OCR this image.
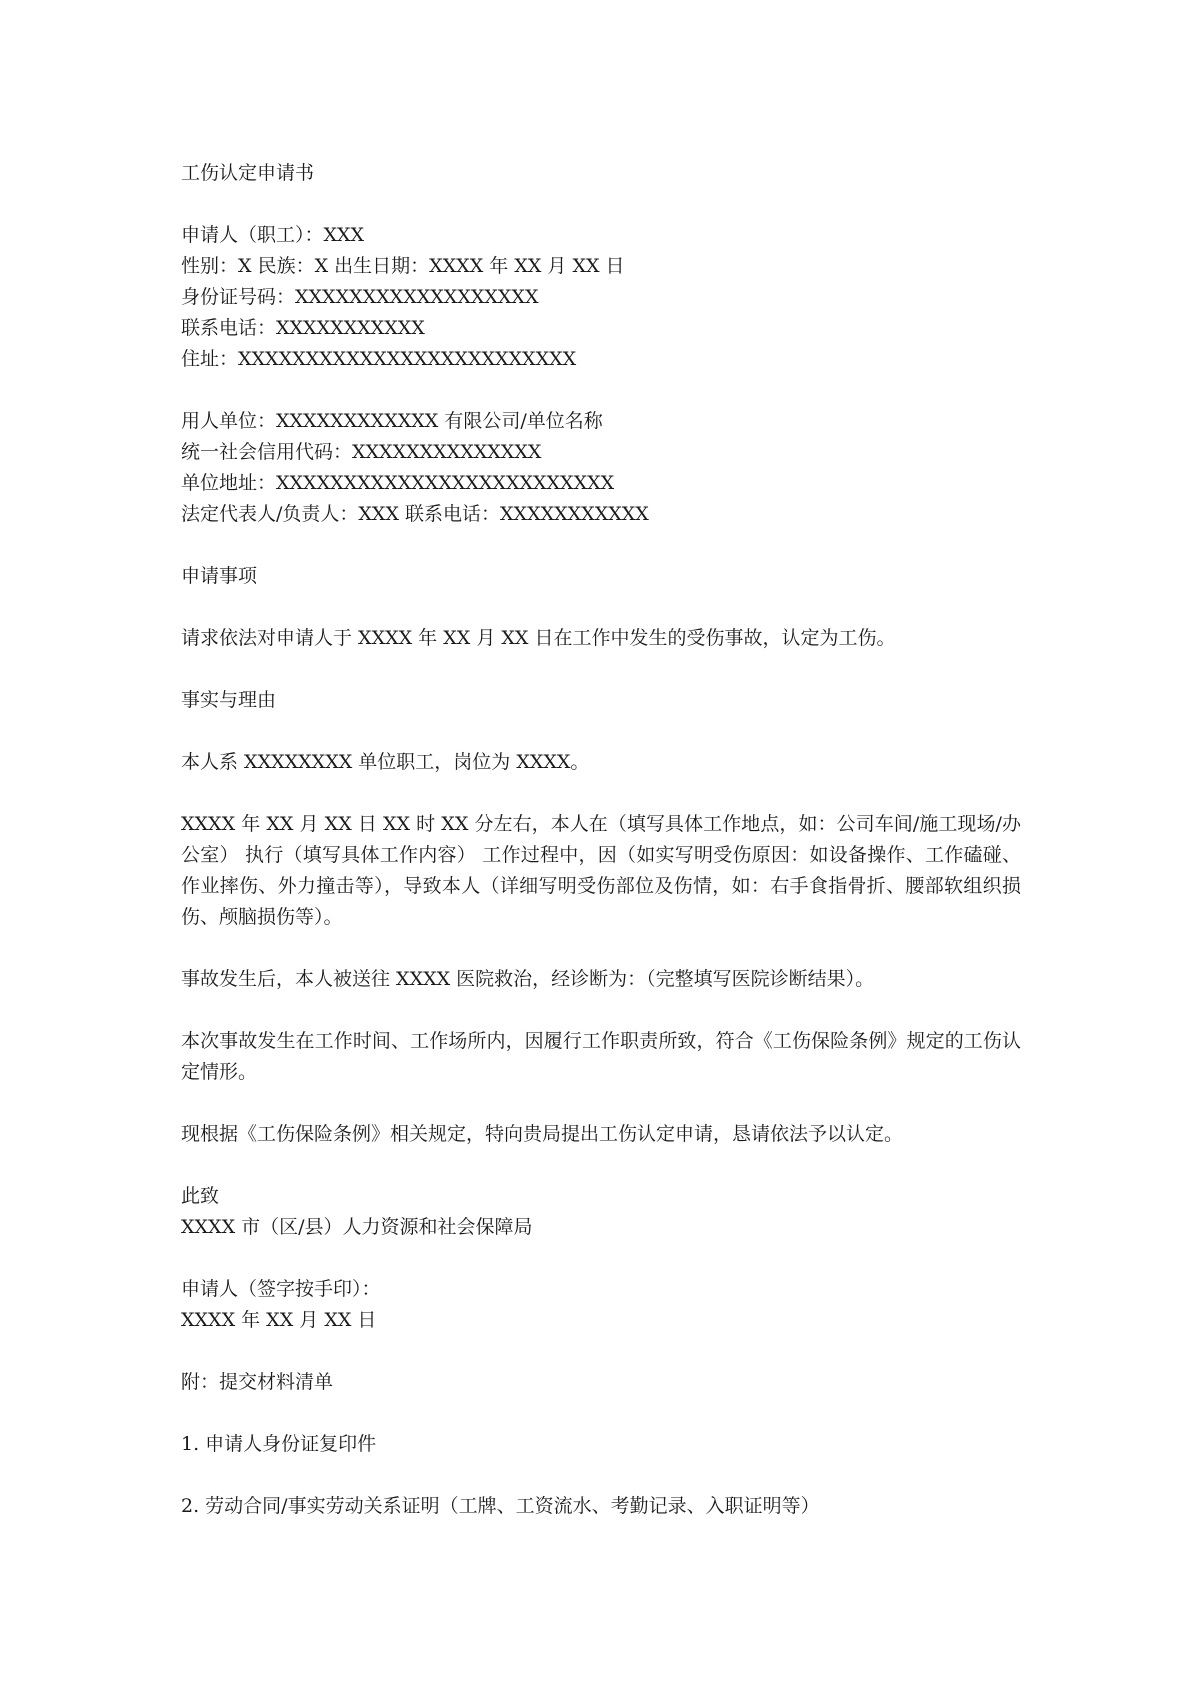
工伤认定申请书
申请人（职工）：XXX
性别：X 民族：X 出生日期：XXXX 年 XX 月 XX 日
身份证号码：XXXXXXXXXXXXXXXXXX
联系电话：XXXXXXXXXXX
住址：XXXXXXXXXXXXXXXXXXXXXXXXX
用人单位：XXXXXXXXXXXX 有限公司/单位名称
统一社会信用代码：XXXXXXXXXXXXXX
单位地址：XXXXXXXXXXXXXXXXXXXXXXXXX
法定代表人/负责人：XXX 联系电话：XXXXXXXXXXX
申请事项
请求依法对申请人于 XXXX 年 XX 月 XX 日在工作中发生的受伤事故，认定为工伤。
事实与理由
本人系 XXXXXXXX 单位职工，岗位为 XXXX。
XXXX 年 XX 月 XX 日 XX 时 XX 分左右，本人在（填写具体工作地点，如：公司车间/施工现场/办公室） 执行（填写具体工作内容） 工作过程中，因（如实写明受伤原因：如设备操作、工作磕碰、作业摔伤、外力撞击等），导致本人（详细写明受伤部位及伤情，如：右手食指骨折、腰部软组织损伤、颅脑损伤等）。
事故发生后，本人被送往 XXXX 医院救治，经诊断为：（完整填写医院诊断结果）。
本次事故发生在工作时间、工作场所内，因履行工作职责所致，符合《工伤保险条例》规定的工伤认定情形。
现根据《工伤保险条例》相关规定，特向贵局提出工伤认定申请，恳请依法予以认定。
此致
XXXX 市（区/县）人力资源和社会保障局
申请人（签字按手印）：
XXXX 年 XX 月 XX 日
附：提交材料清单
1. 申请人身份证复印件
2. 劳动合同/事实劳动关系证明（工牌、工资流水、考勤记录、入职证明等）
